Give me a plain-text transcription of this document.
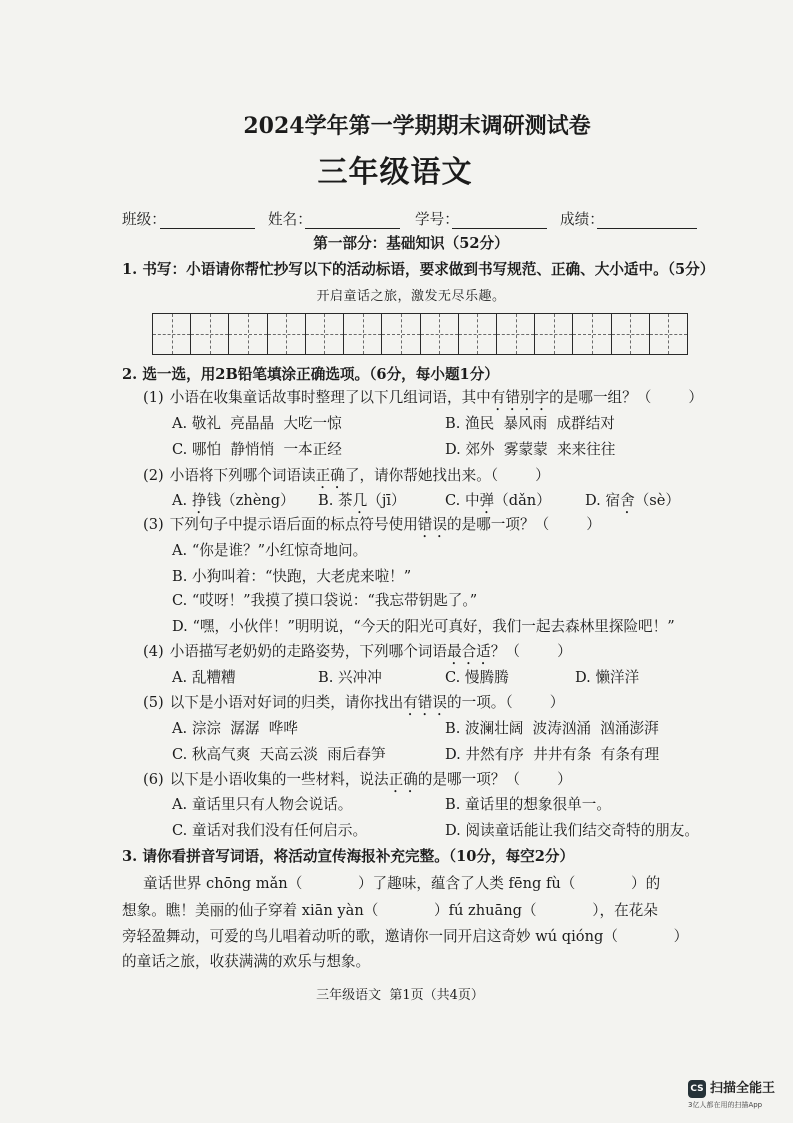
2024学年第一学期期末调研测试卷
三年级语文
班级：	姓名：	学号：	成绩：
第一部分：基础知识（52分）
1. 书写：小语请你帮忙抄写以下的活动标语，要求做到书写规范、正确、大小适中。（5分）
开启童话之旅，激发无尽乐趣。
2. 选一选，用2B铅笔填涂正确选项。（6分，每小题1分）
(1) 小语在收集童话故事时整理了以下几组词语，其中有错别字的是哪一组？（        ）
A. 敬礼  亮晶晶  大吃一惊	B. 渔民  暴风雨  成群结对
C. 哪怕  静悄悄  一本正经	D. 郊外  雾蒙蒙  来来往往
(2) 小语将下列哪个词语读正确了，请你帮她找出来。（        ）
A. 挣钱（zhèng） B. 茶几（jī）	C. 中弹（dǎn） D. 宿舍（sè）
(3) 下列句子中提示语后面的标点符号使用错误的是哪一项？（        ）
A. “你是谁？”小红惊奇地问。
B. 小狗叫着：“快跑，大老虎来啦！”
C. “哎呀！”我摸了摸口袋说：“我忘带钥匙了。”
D. “嘿，小伙伴！”明明说，“今天的阳光可真好，我们一起去森林里探险吧！”
(4) 小语描写老奶奶的走路姿势，下列哪个词语最合适？（        ）
A. 乱糟糟	B. 兴冲冲	C. 慢腾腾	D. 懒洋洋
(5) 以下是小语对好词的归类，请你找出有错误的一项。（        ）
A. 淙淙  潺潺  哗哗	B. 波澜壮阔  波涛汹涌  汹涌澎湃
C. 秋高气爽  天高云淡  雨后春笋	D. 井然有序  井井有条  有条有理
(6) 以下是小语收集的一些材料，说法正确的是哪一项？（        ）
A. 童话里只有人物会说话。	B. 童话里的想象很单一。
C. 童话对我们没有任何启示。	D. 阅读童话能让我们结交奇特的朋友。
3. 请你看拼音写词语，将活动宣传海报补充完整。（10分，每空2分）
童话世界 chōng mǎn（            ）了趣味，蕴含了人类 fēng fù（            ）的
想象。瞧！美丽的仙子穿着 xiān yàn（            ）fú zhuāng（            ），在花朵
旁轻盈舞动，可爱的鸟儿唱着动听的歌，邀请你一同开启这奇妙 wú qióng（            ）
的童话之旅，收获满满的欢乐与想象。
三年级语文  第1页（共4页）
CS 扫描全能王
3亿人都在用的扫描App
